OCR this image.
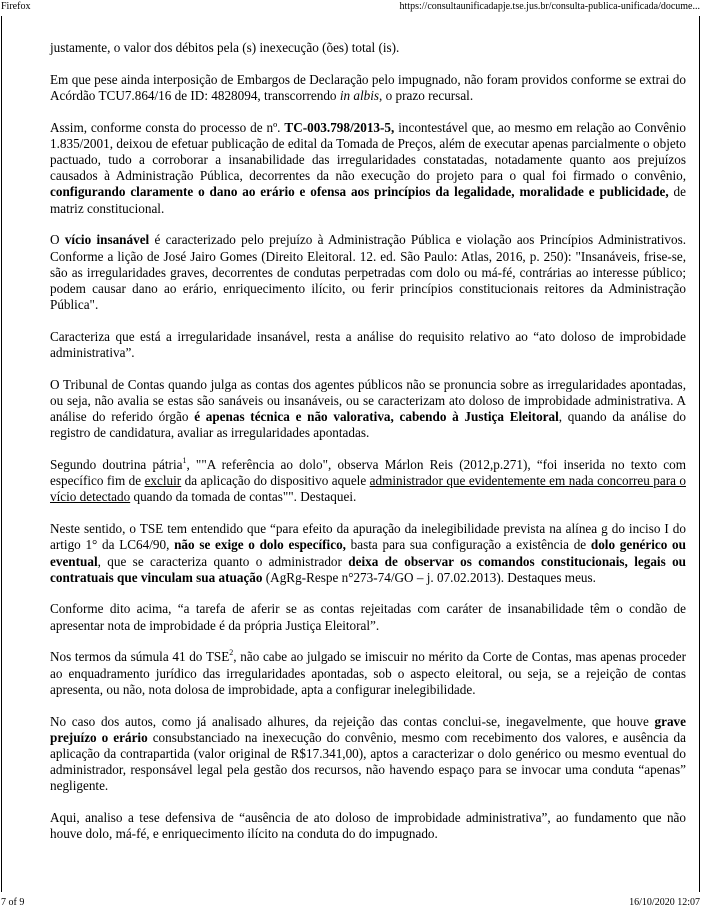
Firefox	https://consultaunificadapje.tse.jus.br/consulta-publica-unificada/docume...

justamente, o valor dos débitos pela (s) inexecução (ões) total (is).

Em que pese ainda interposição de Embargos de Declaração pelo impugnado, não foram providos conforme se extrai do Acórdão TCU7.864/16 de ID: 4828094, transcorrendo in albis, o prazo recursal.

Assim, conforme consta do processo de nº. TC-003.798/2013-5, incontestável que, ao mesmo em relação ao Convênio 1.835/2001, deixou de efetuar publicação de edital da Tomada de Preços, além de executar apenas parcialmente o objeto pactuado, tudo a corroborar a insanabilidade das irregularidades constatadas, notadamente quanto aos prejuízos causados à Administração Pública, decorrentes da não execução do projeto para o qual foi firmado o convênio, configurando claramente o dano ao erário e ofensa aos princípios da legalidade, moralidade e publicidade, de matriz constitucional.

O vício insanável é caracterizado pelo prejuízo à Administração Pública e violação aos Princípios Administrativos. Conforme a lição de José Jairo Gomes (Direito Eleitoral. 12. ed. São Paulo: Atlas, 2016, p. 250): "Insanáveis, frise-se, são as irregularidades graves, decorrentes de condutas perpetradas com dolo ou má-fé, contrárias ao interesse público; podem causar dano ao erário, enriquecimento ilícito, ou ferir princípios constitucionais reitores da Administração Pública".

Caracteriza que está a irregularidade insanável, resta a análise do requisito relativo ao “ato doloso de improbidade administrativa”.

O Tribunal de Contas quando julga as contas dos agentes públicos não se pronuncia sobre as irregularidades apontadas, ou seja, não avalia se estas são sanáveis ou insanáveis, ou se caracterizam ato doloso de improbidade administrativa. A análise do referido órgão é apenas técnica e não valorativa, cabendo à Justiça Eleitoral, quando da análise do registro de candidatura, avaliar as irregularidades apontadas.

Segundo doutrina pátria$^1$, ""A referência ao dolo", observa Márlon Reis (2012,p.271), “foi inserida no texto com específico fim de excluir da aplicação do dispositivo aquele administrador que evidentemente em nada concorreu para o vício detectado quando da tomada de contas"". Destaquei.

Neste sentido, o TSE tem entendido que “para efeito da apuração da inelegibilidade prevista na alínea g do inciso I do artigo 1° da LC64/90, não se exige o dolo específico, basta para sua configuração a existência de dolo genérico ou eventual, que se caracteriza quanto o administrador deixa de observar os comandos constitucionais, legais ou contratuais que vinculam sua atuação (AgRg-Respe n°273-74/GO – j. 07.02.2013). Destaques meus.

Conforme dito acima, “a tarefa de aferir se as contas rejeitadas com caráter de insanabilidade têm o condão de apresentar nota de improbidade é da própria Justiça Eleitoral”.

Nos termos da súmula 41 do TSE$^2$, não cabe ao julgado se imiscuir no mérito da Corte de Contas, mas apenas proceder ao enquadramento jurídico das irregularidades apontadas, sob o aspecto eleitoral, ou seja, se a rejeição de contas apresenta, ou não, nota dolosa de improbidade, apta a configurar inelegibilidade.

No caso dos autos, como já analisado alhures, da rejeição das contas conclui-se, inegavelmente, que houve grave prejuízo o erário consubstanciado na inexecução do convênio, mesmo com recebimento dos valores, e ausência da aplicação da contrapartida (valor original de R$17.341,00), aptos a caracterizar o dolo genérico ou mesmo eventual do administrador, responsável legal pela gestão dos recursos, não havendo espaço para se invocar uma conduta “apenas” negligente.

Aqui, analiso a tese defensiva de “ausência de ato doloso de improbidade administrativa”, ao fundamento que não houve dolo, má-fé, e enriquecimento ilícito na conduta do do impugnado.

7 of 9	16/10/2020 12:07
